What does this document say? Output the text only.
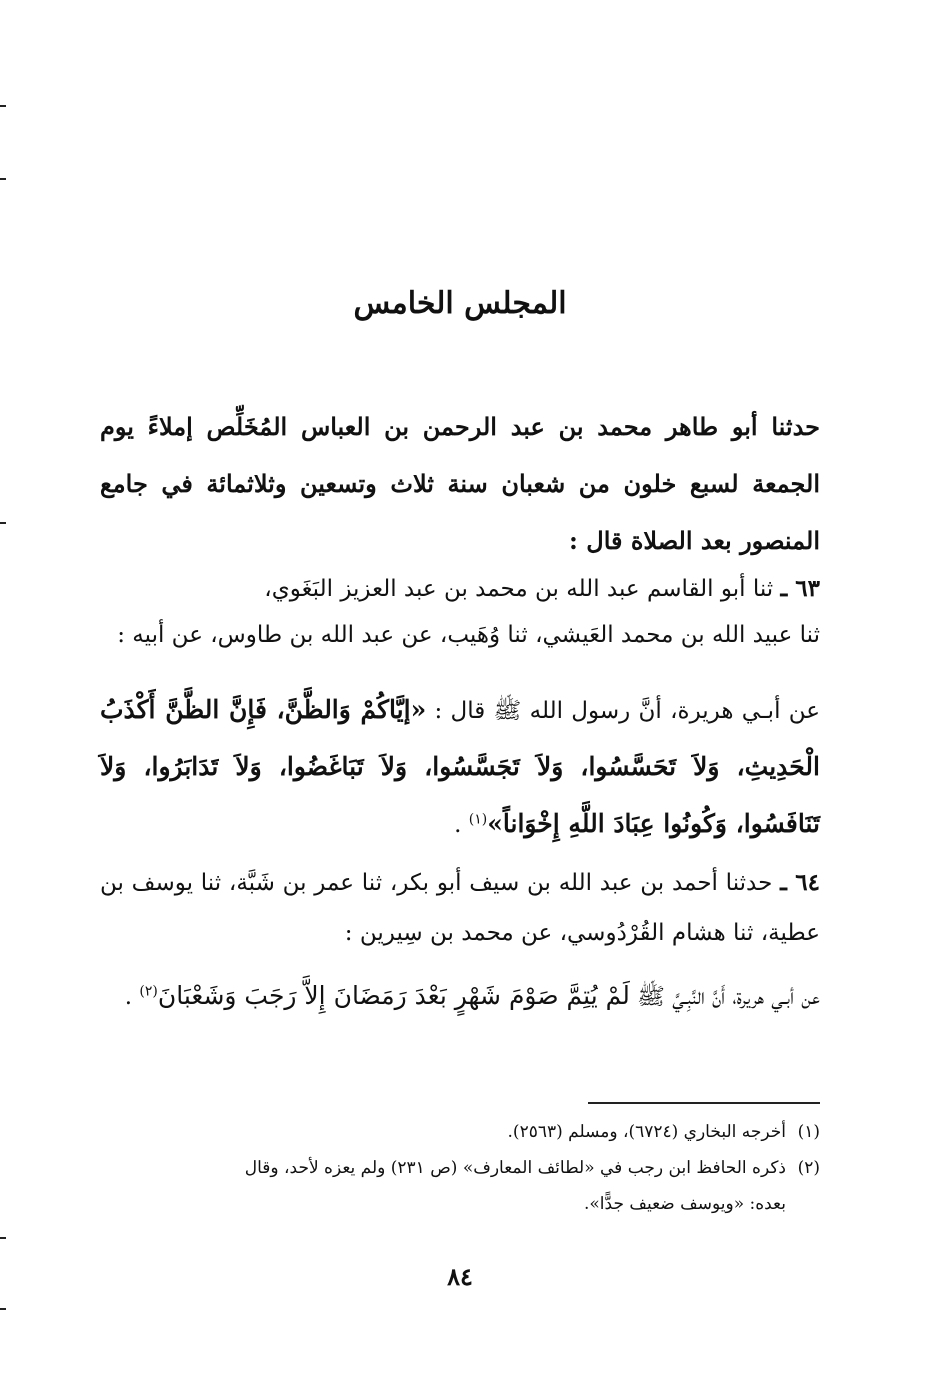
المجلس الخامس
حدثنا أبو طاهر محمد بن عبد الرحمن بن العباس المُخَلِّص إملاءً يوم الجمعة لسبع خلون من شعبان سنة ثلاث وتسعين وثلاثمائة في جامع المنصور بعد الصلاة قال :
٦٣ ـ ثنا أبو القاسم عبد الله بن محمد بن عبد العزيز البَغَوي،
ثنا عبيد الله بن محمد العَيشي، ثنا وُهَيب، عن عبد الله بن طاوس، عن أبيه :
عن أبـي هريرة، أنَّ رسول الله ﷺ قال : «إيَّاكُمْ وَالظَّنَّ، فَإِنَّ الظَّنَّ أَكْذَبُ الْحَدِيثِ، وَلاَ تَحَسَّسُوا، وَلاَ تَجَسَّسُوا، وَلاَ تَبَاغَضُوا، وَلاَ تَدَابَرُوا، وَلاَ تَنَافَسُوا، وَكُونُوا عِبَادَ اللَّهِ إِخْوَاناً»$^{(١)}$ .
٦٤ ـ حدثنا أحمد بن عبد الله بن سيف أبو بكر، ثنا عمر بن شَبَّة، ثنا يوسف بن عطية، ثنا هشام القُرْدُوسي، عن محمد بن سِيرين :
عن أبـي هريرة، أَنَّ النَّبِـيَّ ﷺ لَمْ يُتِمَّ صَوْمَ شَهْرٍ بَعْدَ رَمَضَانَ إِلاَّ رَجَبَ وَشَعْبَانَ$^{(٢)}$ .
(١)أخرجه البخاري (٦٧٢٤)، ومسلم (٢٥٦٣).
(٢)ذكره الحافظ ابن رجب في «لطائف المعارف» (ص ٢٣١) ولم يعزه لأحد، وقال
بعده: «ويوسف ضعيف جدًّا».
٨٤
